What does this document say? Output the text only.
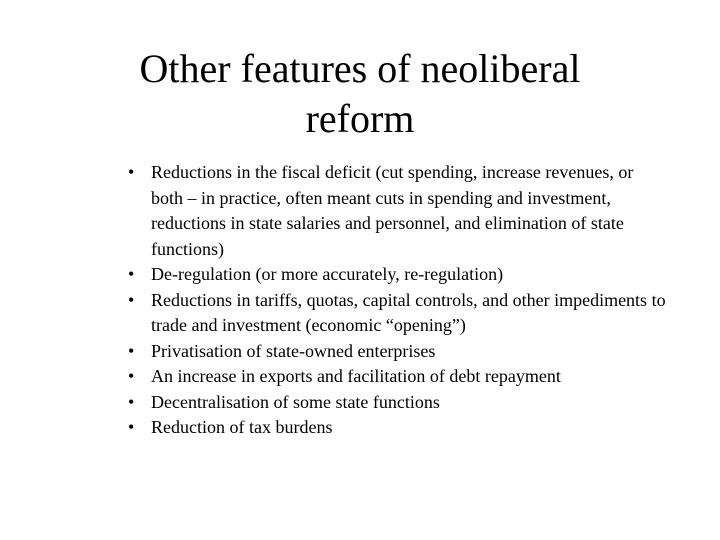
Other features of neoliberal
reform
• Reductions in the fiscal deficit (cut spending, increase revenues, or both – in practice, often meant cuts in spending and investment, reductions in state salaries and personnel, and elimination of state functions)
• De-regulation (or more accurately, re-regulation)
• Reductions in tariffs, quotas, capital controls, and other impediments to trade and investment (economic “opening”)
• Privatisation of state-owned enterprises
• An increase in exports and facilitation of debt repayment
• Decentralisation of some state functions
• Reduction of tax burdens
